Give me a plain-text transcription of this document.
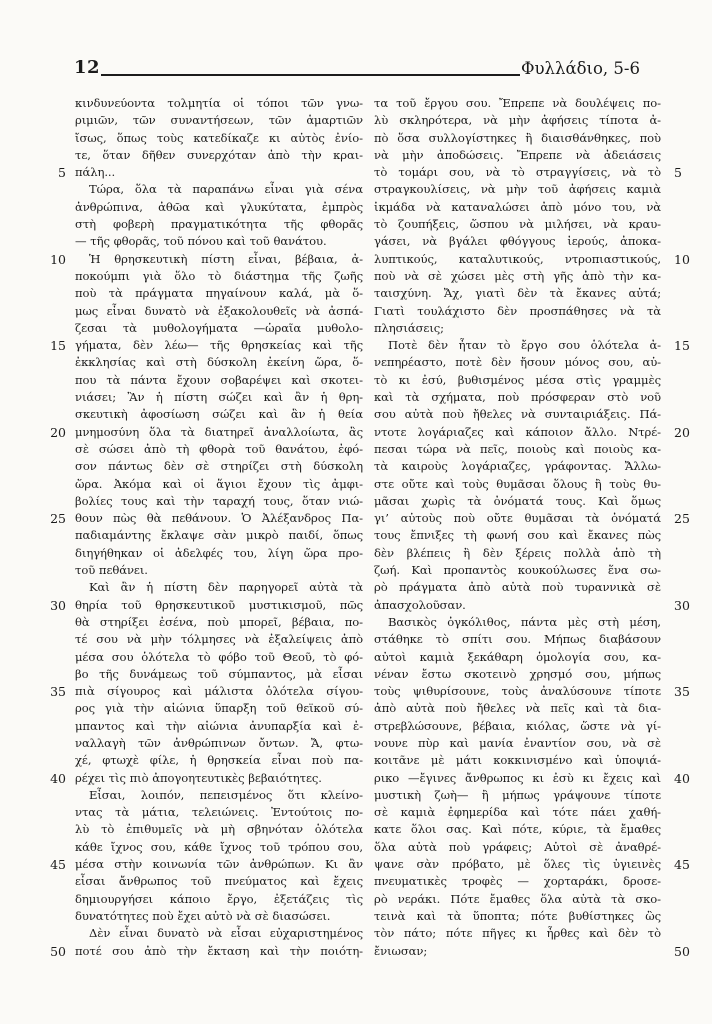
12	Φυλλάδιο, 5-6
5
10
15
20
25
30
35
40
45
50
κινδυνεύοντα τολμητία οἱ τόποι τῶν γνω-
ριμιῶν, τῶν συναντήσεων, τῶν ἁμαρτιῶν
ἴσως, ὅπως τοὺς κατεδίκαζε κι αὐτὸς ἐνίο-
τε, ὅταν δῆθεν συνερχόταν ἀπὸ τὴν κραι-
πάλη...
Τώρα, ὅλα τὰ παραπάνω εἶναι γιὰ σένα
ἀνθρώπινα, ἀθῶα καὶ γλυκύτατα, ἐμπρὸς
στὴ φοβερὴ πραγματικότητα τῆς φθορᾶς
— τῆς φθορᾶς, τοῦ πόνου καὶ τοῦ θανάτου.
Ἡ θρησκευτικὴ πίστη εἶναι, βέβαια, ἀ-
ποκούμπι γιὰ ὅλο τὸ διάστημα τῆς ζωῆς
ποὺ τὰ πράγματα πηγαίνουν καλά, μὰ ὅ-
μως εἶναι δυνατὸ νὰ ἐξακολουθεῖς νὰ ἀσπά-
ζεσαι τὰ μυθολογήματα —ὡραῖα μυθολο-
γήματα, δὲν λέω— τῆς θρησκείας καὶ τῆς
ἐκκλησίας καὶ στὴ δύσκολη ἐκείνη ὥρα, ὅ-
που τὰ πάντα ἔχουν σοβαρέψει καὶ σκοτει-
νιάσει; Ἂν ἡ πίστη σώζει καὶ ἂν ἡ θρη-
σκευτικὴ ἀφοσίωση σώζει καὶ ἂν ἡ θεία
μνημοσύνη ὅλα τὰ διατηρεῖ ἀναλλοίωτα, ἂς
σὲ σώσει ἀπὸ τὴ φθορὰ τοῦ θανάτου, ἐφό-
σον πάντως δὲν σὲ στηρίζει στὴ δύσκολη
ὥρα. Ἀκόμα καὶ οἱ ἅγιοι ἔχουν τὶς ἀμφι-
βολίες τους καὶ τὴν ταραχή τους, ὅταν νιώ-
θουν πὼς θὰ πεθάνουν. Ὁ Ἀλέξανδρος Πα-
παδιαμάντης ἔκλαψε σὰν μικρὸ παιδί, ὅπως
διηγήθηκαν οἱ ἀδελφές του, λίγη ὥρα προ-
τοῦ πεθάνει.
Καὶ ἂν ἡ πίστη δὲν παρηγορεῖ αὐτὰ τὰ
θηρία τοῦ θρησκευτικοῦ μυστικισμοῦ, πῶς
θὰ στηρίξει ἐσένα, ποὺ μπορεῖ, βέβαια, πο-
τέ σου νὰ μὴν τόλμησες νὰ ἐξαλείψεις ἀπὸ
μέσα σου ὁλότελα τὸ φόβο τοῦ Θεοῦ, τὸ φό-
βο τῆς δυνάμεως τοῦ σύμπαντος, μὰ εἶσαι
πιὰ σίγουρος καὶ μάλιστα ὁλότελα σίγου-
ρος γιὰ τὴν αἰώνια ὕπαρξη τοῦ θεϊκοῦ σύ-
μπαντος καὶ τὴν αἰώνια ἀνυπαρξία καὶ ἐ-
ναλλαγὴ τῶν ἀνθρώπινων ὄντων. Ἄ, φτω-
χέ, φτωχὲ φίλε, ἡ θρησκεία εἶναι ποὺ πα-
ρέχει τὶς πιὸ ἀπογοητευτικὲς βεβαιότητες.
Εἶσαι, λοιπόν, πεπεισμένος ὅτι κλείνο-
ντας τὰ μάτια, τελειώνεις. Ἐντούτοις πο-
λὺ τὸ ἐπιθυμεῖς νὰ μὴ σβηνόταν ὁλότελα
κάθε ἴχνος σου, κάθε ἴχνος τοῦ τρόπου σου,
μέσα στὴν κοινωνία τῶν ἀνθρώπων. Κι ἂν
εἶσαι ἄνθρωπος τοῦ πνεύματος καὶ ἔχεις
δημιουργήσει κάποιο ἔργο, ἐξετάζεις τὶς
δυνατότητες ποὺ ἔχει αὐτὸ νὰ σὲ διασώσει.
Δὲν εἶναι δυνατὸ νὰ εἶσαι εὐχαριστημένος
ποτέ σου ἀπὸ τὴν ἔκταση καὶ τὴν ποιότη-
τα τοῦ ἔργου σου. Ἔπρεπε νὰ δουλέψεις πο-
λὺ σκληρότερα, νὰ μὴν ἀφήσεις τίποτα ἀ-
πὸ ὅσα συλλογίστηκες ἢ διαισθάνθηκες, ποὺ
νὰ μὴν ἀποδώσεις. Ἔπρεπε νὰ ἀδειάσεις
τὸ τομάρι σου, νὰ τὸ στραγγίσεις, νὰ τὸ
στραγκουλίσεις, νὰ μὴν τοῦ ἀφήσεις καμιὰ
ἰκμάδα νὰ καταναλώσει ἀπὸ μόνο του, νὰ
τὸ ζουπήξεις, ὥσπου νὰ μιλήσει, νὰ κραυ-
γάσει, νὰ βγάλει φθόγγους ἱερούς, ἀποκα-
λυπτικούς, καταλυτικούς, ντροπιαστικούς,
ποὺ νὰ σὲ χώσει μὲς στὴ γῆς ἀπὸ τὴν κα-
ταισχύνη. Ἄχ, γιατὶ δὲν τὰ ἔκανες αὐτά;
Γιατὶ τουλάχιστο δὲν προσπάθησες νὰ τὰ
πλησιάσεις;
Ποτὲ δὲν ἦταν τὸ ἔργο σου ὁλότελα ἀ-
νεπηρέαστο, ποτὲ δὲν ἤσουν μόνος σου, αὐ-
τὸ κι ἐσύ, βυθισμένος μέσα στὶς γραμμὲς
καὶ τὰ σχήματα, ποὺ πρόσφεραν στὸ νοῦ
σου αὐτὰ ποὺ ἤθελες νὰ συνταιριάξεις. Πά-
ντοτε λογάριαζες καὶ κάποιον ἄλλο. Ντρέ-
πεσαι τώρα νὰ πεῖς, ποιοὺς καὶ ποιοὺς κα-
τὰ καιροὺς λογάριαζες, γράφοντας. Ἄλλω-
στε οὔτε καὶ τοὺς θυμᾶσαι ὅλους ἢ τοὺς θυ-
μᾶσαι χωρὶς τὰ ὀνόματά τους. Καὶ ὅμως
γι’ αὐτοὺς ποὺ οὔτε θυμᾶσαι τὰ ὀνόματά
τους ἔπνιξες τὴ φωνή σου καὶ ἔκανες πὼς
δὲν βλέπεις ἢ δὲν ξέρεις πολλὰ ἀπὸ τὴ
ζωή. Καὶ προπαντὸς κουκούλωσες ἕνα σω-
ρὸ πράγματα ἀπὸ αὐτὰ ποὺ τυραννικὰ σὲ
ἀπασχολοῦσαν.
Βασικὸς ὀγκόλιθος, πάντα μὲς στὴ μέση,
στάθηκε τὸ σπίτι σου. Μήπως διαβάσουν
αὐτοὶ καμιὰ ξεκάθαρη ὁμολογία σου, κα-
νέναν ἔστω σκοτεινὸ χρησμό σου, μήπως
τοὺς ψιθυρίσουνε, τοὺς ἀναλύσουνε τίποτε
ἀπὸ αὐτὰ ποὺ ἤθελες νὰ πεῖς καὶ τὰ δια-
στρεβλώσουνε, βέβαια, κιόλας, ὥστε νὰ γί-
νουνε πὺρ καὶ μανία ἐναντίον σου, νὰ σὲ
κοιτᾶνε μὲ μάτι κοκκινισμένο καὶ ὑποψιά-
ρικο —ἔγινες ἄνθρωπος κι ἐσὺ κι ἔχεις καὶ
μυστικὴ ζωὴ— ἢ μήπως γράψουνε τίποτε
σὲ καμιὰ ἐφημερίδα καὶ τότε πάει χαθή-
κατε ὅλοι σας. Καὶ πότε, κύριε, τὰ ἔμαθες
ὅλα αὐτὰ ποὺ γράφεις; Αὐτοὶ σὲ ἀναθρέ-
ψανε σὰν πρόβατο, μὲ ὅλες τὶς ὑγιεινὲς
πνευματικὲς τροφὲς — χορταράκι, δροσε-
ρὸ νεράκι. Πότε ἔμαθες ὅλα αὐτὰ τὰ σκο-
τεινὰ καὶ τὰ ὕποπτα; πότε βυθίστηκες ὣς
τὸν πάτο; πότε πῆγες κι ἦρθες καὶ δὲν τὸ
ἔνιωσαν;
5
10
15
20
25
30
35
40
45
50
